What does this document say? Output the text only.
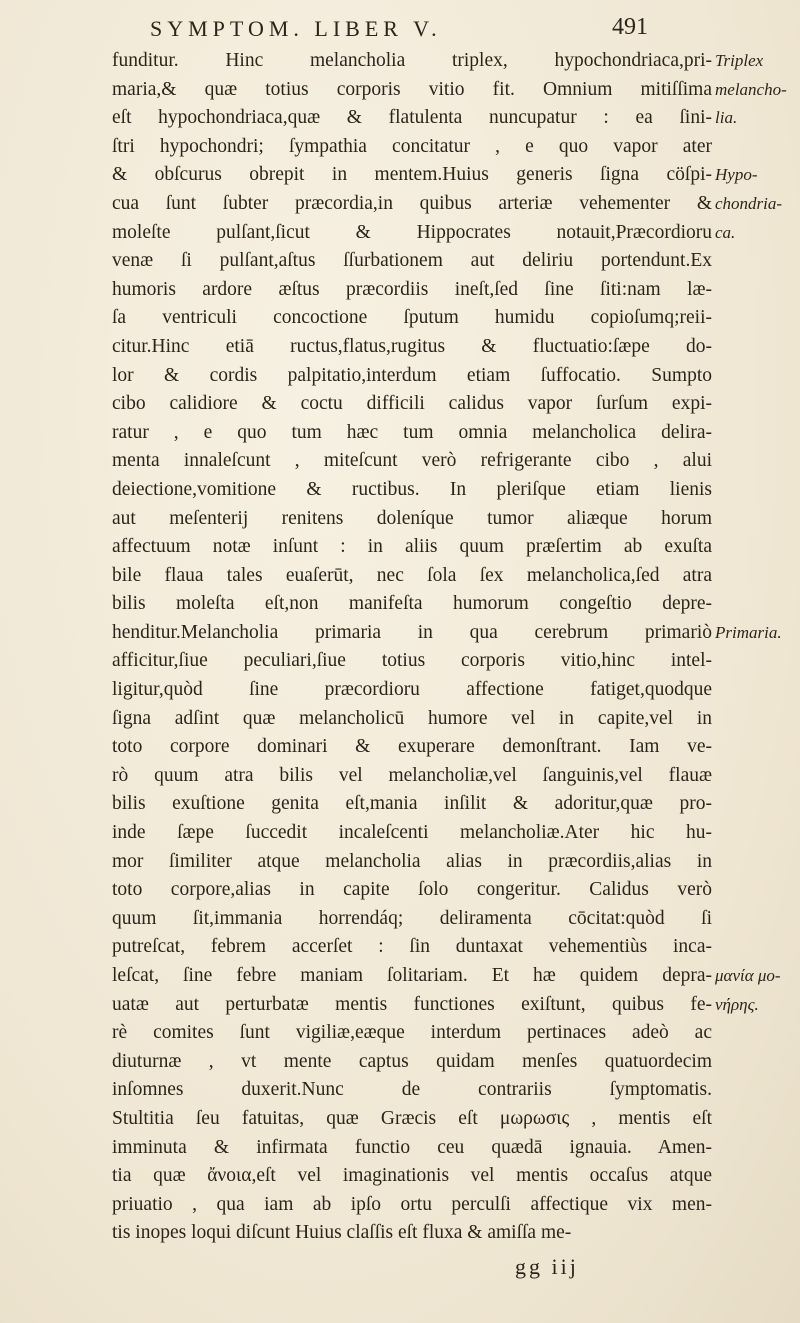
SYMPTOM. LIBER V.	491
funditur. Hinc melancholia triplex, hypochondriaca,pri-
maria,& quæ totius corporis vitio fit. Omnium mitiſſima
eſt hypochondriaca,quæ & flatulenta nuncupatur : ea ſini-
ſtri hypochondri; ſympathia concitatur , e quo vapor ater
& obſcurus obrepit in mentem.Huius generis ſigna cöſpi-
cua ſunt ſubter præcordia,in quibus arteriæ vehementer &
moleſte pulſant,ſicut & Hippocrates notauit,Præcordioru
venæ ſi pulſant,aſtus ſſurbationem aut deliriu portendunt.Ex
humoris ardore æſtus præcordiis ineſt,ſed ſine ſiti:nam læ-
ſa ventriculi concoctione ſputum humidu copioſumq;reii-
citur.Hinc etiā ructus,flatus,rugitus & fluctuatio:ſæpe do-
lor & cordis palpitatio,interdum etiam ſuffocatio. Sumpto
cibo calidiore & coctu difficili calidus vapor ſurſum expi-
ratur , e quo tum hæc tum omnia melancholica delira-
menta innaleſcunt , miteſcunt verò refrigerante cibo , alui
deiectione,vomitione & ructibus. In pleriſque etiam lienis
aut meſenterij renitens doleníque tumor aliæque horum
affectuum notæ inſunt : in aliis quum præſertim ab exuſta
bile flaua tales euaſerūt, nec ſola ſex melancholica,ſed atra
bilis moleſta eſt,non manifeſta humorum congeſtio depre-
henditur.Melancholia primaria in qua cerebrum primariò
afficitur,ſiue peculiari,ſiue totius corporis vitio,hinc intel-
ligitur,quòd ſine præcordioru affectione fatiget,quodque
ſigna adſint quæ melancholicū humore vel in capite,vel in
toto corpore dominari & exuperare demonſtrant. Iam ve-
rò quum atra bilis vel melancholiæ,vel ſanguinis,vel flauæ
bilis exuſtione genita eſt,mania inſilit & adoritur,quæ pro-
inde ſæpe ſuccedit incaleſcenti melancholiæ.Ater hic hu-
mor ſimiliter atque melancholia alias in præcordiis,alias in
toto corpore,alias in capite ſolo congeritur. Calidus verò
quum ſit,immania horrendáq; deliramenta cōcitat:quòd ſi
putreſcat, febrem accerſet : ſin duntaxat vehementiùs inca-
leſcat, ſine febre maniam ſolitariam. Et hæ quidem depra-
uatæ aut perturbatæ mentis functiones exiſtunt, quibus fe-
rè comites ſunt vigiliæ,eæque interdum pertinaces adeò ac
diuturnæ , vt mente captus quidam menſes quatuordecim
inſomnes duxerit.Nunc de contrariis ſymptomatis.
Stultitia ſeu fatuitas, quæ Græcis eſt μωρωσις , mentis eſt
imminuta & infirmata functio ceu quædā ignauia. Amen-
tia quæ ἄνοια,eſt vel imaginationis vel mentis occaſus atque
priuatio , qua iam ab ipſo ortu perculſi affectique vix men-
tis inopes loqui diſcunt Huius claſſis eſt fluxa & amiſſa me-
Triplex
melancho-
lia.
Hypo-
chondria-
ca.
Primaria.
μανία μο-
νήρης.
gg iij
